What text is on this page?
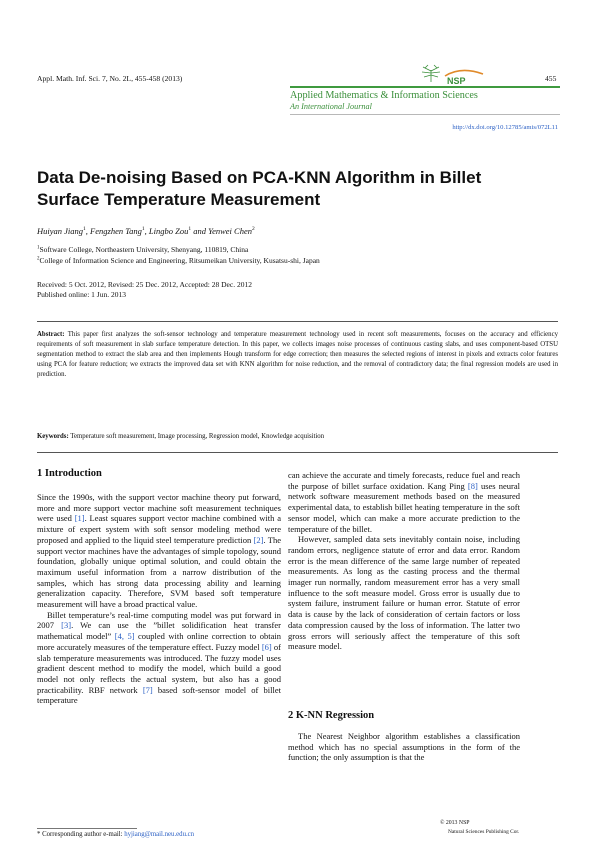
Appl. Math. Inf. Sci. 7, No. 2L, 455-458 (2013)	NSP	455
Applied Mathematics & Information Sciences
An International Journal
http://dx.doi.org/10.12785/amis/072L11
Data De-noising Based on PCA-KNN Algorithm in Billet Surface Temperature Measurement
Huiyan Jiang$^1$, Fengzhen Tang$^1$, Lingbo Zou$^1$ and Yenwei Chen$^2$
$^1$Software College, Northeastern University, Shenyang, 110819, China
$^2$College of Information Science and Engineering, Ritsumeikan University, Kusatsu-shi, Japan
Received: 5 Oct. 2012, Revised: 25 Dec. 2012, Accepted: 28 Dec. 2012
Published online: 1 Jun. 2013
Abstract: This paper first analyzes the soft-sensor technology and temperature measurement technology used in recent soft measurements, focuses on the accuracy and efficiency requirements of soft measurement in slab surface temperature detection. In this paper, we collects images noise processes of continuous casting slabs, and uses component-based OTSU segmentation method to extract the slab area and then implements Hough transform for edge correction; then measures the selected regions of interest in pixels and extracts color features using PCA for feature reduction; we extracts the improved data set with KNN algorithm for noise reduction, and the removal of contradictory data; the final regression models are used in prediction.
Keywords: Temperature soft measurement, Image processing, Regression model, Knowledge acquisition
1 Introduction

Since the 1990s, with the support vector machine theory put forward, more and more support vector machine soft measurement techniques were used [1]. Least squares support vector machine combined with a mixture of expert system with soft sensor modeling method were proposed and applied to the liquid steel temperature prediction [2]. The support vector machines have the advantages of simple topology, sound foundation, globally unique optimal solution, and could obtain the maximum useful information from a narrow distribution of the samples, which has strong data processing ability and learning generalization capacity. Therefore, SVM based soft temperature measurement will have a broad practical value.

Billet temperature’s real-time computing model was put forward in 2007 [3]. We can use the ”billet solidification heat transfer mathematical model” [4, 5] coupled with online correction to obtain more accurately measures of the temperature effect. Fuzzy model [6] of slab temperature measurements was introduced. The fuzzy model uses gradient descent method to modify the model, which build a good model not only reflects the actual system, but also has a good practicability. RBF network [7] based soft-sensor model of billet temperature

can achieve the accurate and timely forecasts, reduce fuel and reach the purpose of billet surface oxidation. Kang Ping [8] uses neural network software measurement methods based on the measured experimental data, to establish billet heating temperature in the soft sensor model, which can make a more accurate prediction to the temperature of the billet.

However, sampled data sets inevitably contain noise, including random errors, negligence statute of error and data error. Random error is the mean difference of the same large number of repeated measurements. As long as the casting process and the thermal imager run normally, random measurement error has a very small influence to the soft measure model. Gross error is usually due to system failure, instrument failure or human error. Statute of error data is cause by the lack of consideration of certain factors or loss data compression caused by the loss of information. The latter two gross errors will seriously affect the temperature of this soft measure model.

2 K-NN Regression

The Nearest Neighbor algorithm establishes a classification method which has no special assumptions in the form of the function; the only assumption is that the

* Corresponding author e-mail: hyjiang@mail.neu.edu.cn
© 2013 NSP
Natural Sciences Publishing Cor.
